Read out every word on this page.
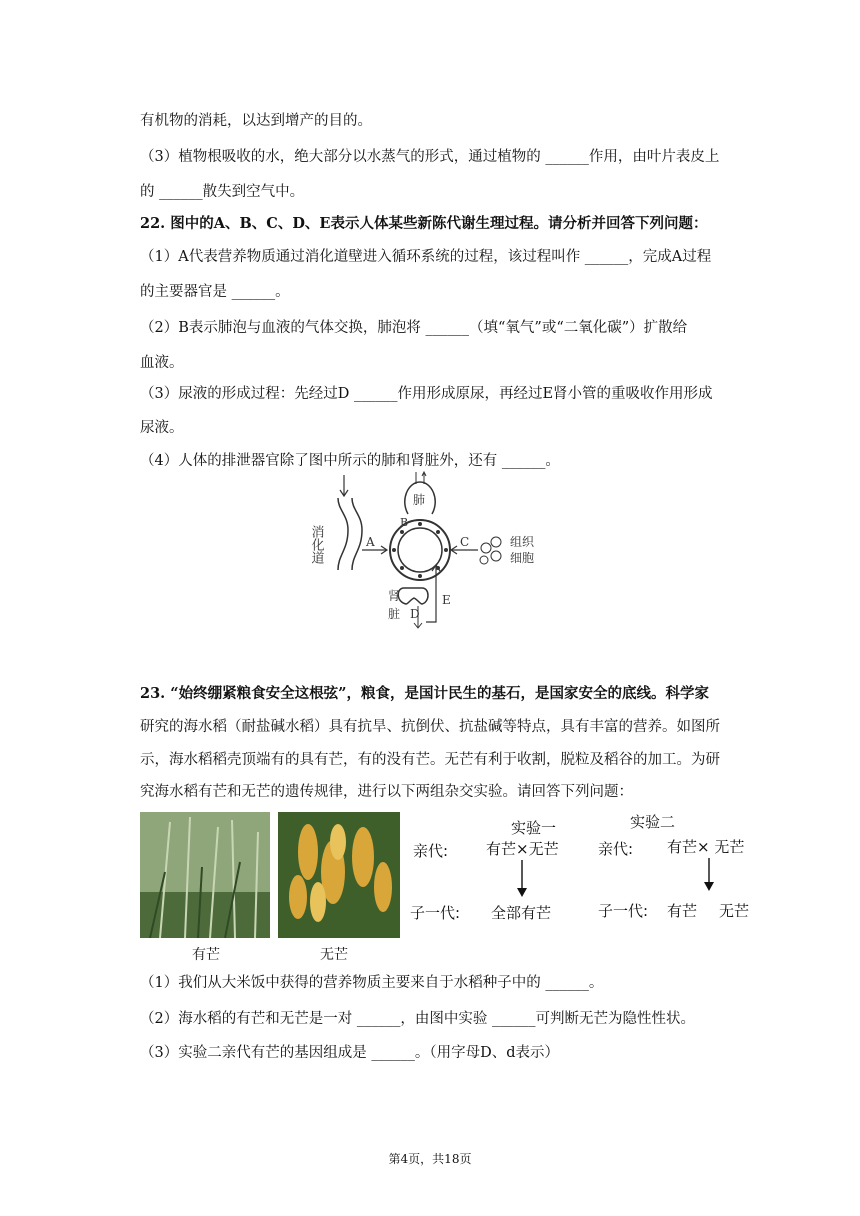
有机物的消耗，以达到增产的目的。
（3）植物根吸收的水，绝大部分以水蒸气的形式，通过植物的 ______作用，由叶片表皮上
的 ______散失到空气中。
22. 图中的A、B、C、D、E表示人体某些新陈代谢生理过程。请分析并回答下列问题：
（1）A代表营养物质通过消化道壁进入循环系统的过程，该过程叫作 ______，完成A过程
的主要器官是 ______。
（2）B表示肺泡与血液的气体交换，肺泡将 ______（填“氧气”或“二氧化碳”）扩散给
血液。
（3）尿液的形成过程：先经过D ______作用形成原尿，再经过E肾小管的重吸收作用形成
尿液。
（4）人体的排泄器官除了图中所示的肺和肾脏外，还有 ______。
消化道	A
肺
B
C	组织
细胞
肾
脏 D
E
23. “始终绷紧粮食安全这根弦”，粮食，是国计民生的基石，是国家安全的底线。科学家
研究的海水稻（耐盐碱水稻）具有抗旱、抗倒伏、抗盐碱等特点，具有丰富的营养。如图所
示，海水稻稻壳顶端有的具有芒，有的没有芒。无芒有利于收割，脱粒及稻谷的加工。为研
究海水稻有芒和无芒的遗传规律，进行以下两组杂交实验。请回答下列问题：
有芒	无芒
实验一	实验二
亲代:	有芒×无芒	亲代: 有芒× 无芒
子一代: 全部有芒	子一代: 有芒 无芒
（1）我们从大米饭中获得的营养物质主要来自于水稻种子中的 ______。
（2）海水稻的有芒和无芒是一对 ______，由图中实验 ______可判断无芒为隐性性状。
（3）实验二亲代有芒的基因组成是 ______。（用字母D、d表示）
第4页，共18页
